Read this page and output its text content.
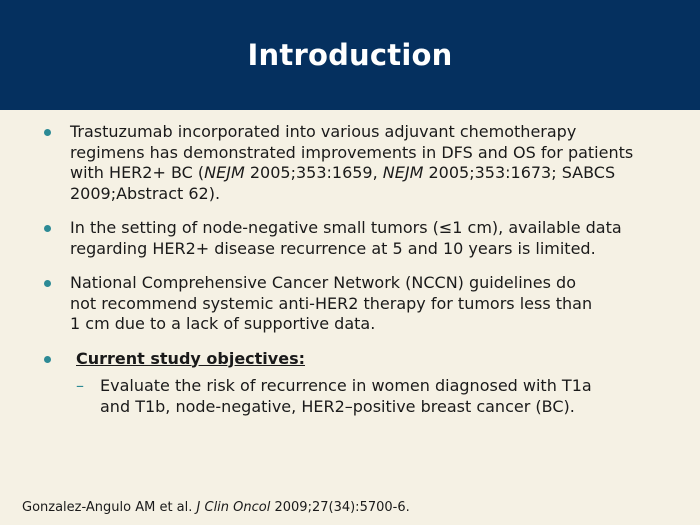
Introduction
Trastuzumab incorporated into various adjuvant chemotherapy regimens has demonstrated improvements in DFS and OS for patients with HER2+ BC (NEJM 2005;353:1659, NEJM 2005;353:1673; SABCS 2009;Abstract 62).
In the setting of node-negative small tumors (≤1 cm), available data regarding HER2+ disease recurrence at 5 and 10 years is limited.
National Comprehensive Cancer Network (NCCN) guidelines do not recommend systemic anti-HER2 therapy for tumors less than 1 cm due to a lack of supportive data.
Current study objectives:
– Evaluate the risk of recurrence in women diagnosed with T1a and T1b, node-negative, HER2–positive breast cancer (BC).
Gonzalez-Angulo AM et al. J Clin Oncol 2009;27(34):5700-6.
